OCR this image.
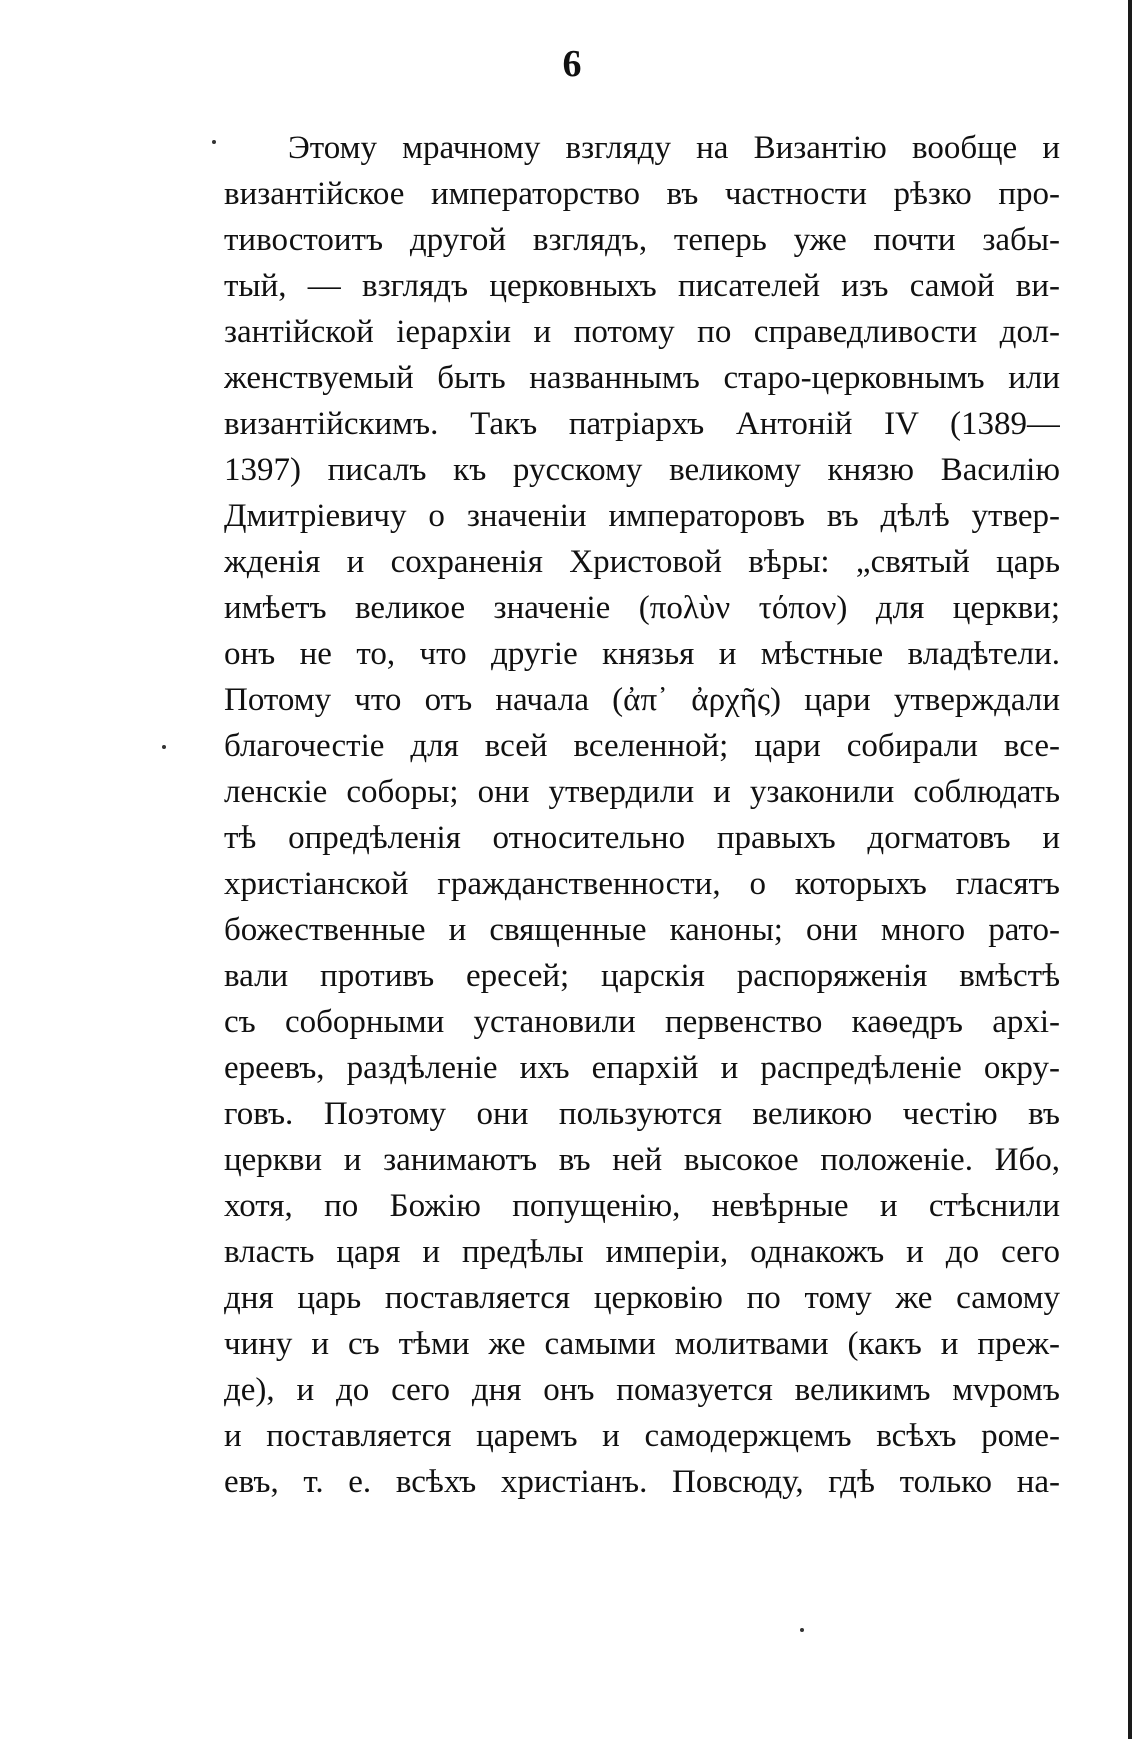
6
Этому мрачному взгляду на Византію вообще и
византійское императорство въ частности рѣзко про-
тивостоитъ другой взглядъ, теперь уже почти забы-
тый, — взглядъ церковныхъ писателей изъ самой ви-
зантійской іерархіи и потому по справедливости дол-
женствуемый быть названнымъ старо-церковнымъ или
византійскимъ. Такъ патріархъ Антоній IV (1389—
1397) писалъ къ русскому великому князю Василію
Дмитріевичу о значеніи императоровъ въ дѣлѣ утвер-
жденія и сохраненія Христовой вѣры: „святый царь
имѣетъ великое значеніе (πολὺν τόπον) для церкви;
онъ не то, что другіе князья и мѣстные владѣтели.
Потому что отъ начала (ἀπ᾽ ἀρχῆς) цари утверждали
благочестіе для всей вселенной; цари собирали все-
ленскіе соборы; они утвердили и узаконили соблюдать
тѣ опредѣленія относительно правыхъ догматовъ и
христіанской гражданственности, о которыхъ гласятъ
божественные и священные каноны; они много рато-
вали противъ ересей; царскія распоряженія вмѣстѣ
съ соборными установили первенство каѳедръ архі-
ереевъ, раздѣленіе ихъ епархій и распредѣленіе окру-
говъ. Поэтому они пользуются великою честію въ
церкви и занимаютъ въ ней высокое положеніе. Ибо,
хотя, по Божію попущенію, невѣрные и стѣснили
власть царя и предѣлы имперіи, однакожъ и до сего
дня царь поставляется церковію по тому же самому
чину и съ тѣми же самыми молитвами (какъ и преж-
де), и до сего дня онъ помазуется великимъ мvромъ
и поставляется царемъ и самодержцемъ всѣхъ роме-
евъ, т. е. всѣхъ христіанъ. Повсюду, гдѣ только на-
